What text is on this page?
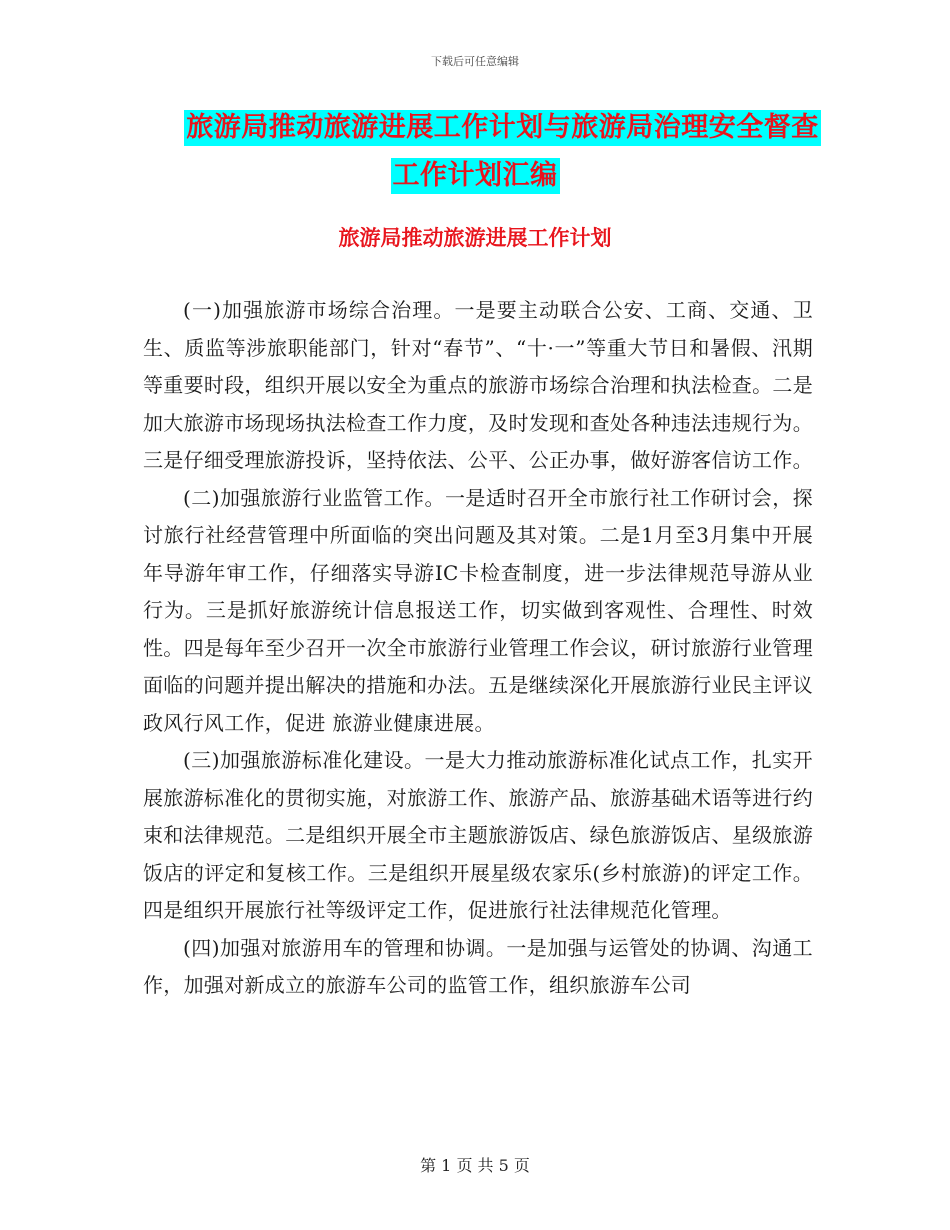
下载后可任意编辑
旅游局推动旅游进展工作计划与旅游局治理安全督查
工作计划汇编
旅游局推动旅游进展工作计划

(一)加强旅游市场综合治理。一是要主动联合公安、工商、交通、卫生、质监等涉旅职能部门，针对“春节”、“十·一”等重大节日和暑假、汛期等重要时段，组织开展以安全为重点的旅游市场综合治理和执法检查。二是加大旅游市场现场执法检查工作力度，及时发现和查处各种违法违规行为。三是仔细受理旅游投诉，坚持依法、公平、公正办事，做好游客信访工作。

(二)加强旅游行业监管工作。一是适时召开全市旅行社工作研讨会，探讨旅行社经营管理中所面临的突出问题及其对策。二是1月至3月集中开展 年导游年审工作，仔细落实导游IC卡检查制度，进一步法律规范导游从业行为。三是抓好旅游统计信息报送工作，切实做到客观性、合理性、时效性。四是每年至少召开一次全市旅游行业管理工作会议，研讨旅游行业管理面临的问题并提出解决的措施和办法。五是继续深化开展旅游行业民主评议政风行风工作，促进 旅游业健康进展。

(三)加强旅游标准化建设。一是大力推动旅游标准化试点工作，扎实开展旅游标准化的贯彻实施，对旅游工作、旅游产品、旅游基础术语等进行约束和法律规范。二是组织开展全市主题旅游饭店、绿色旅游饭店、星级旅游饭店的评定和复核工作。三是组织开展星级农家乐(乡村旅游)的评定工作。四是组织开展旅行社等级评定工作，促进旅行社法律规范化管理。

(四)加强对旅游用车的管理和协调。一是加强与运管处的协调、沟通工作，加强对新成立的旅游车公司的监管工作，组织旅游车公司

第 1 页 共 5 页
